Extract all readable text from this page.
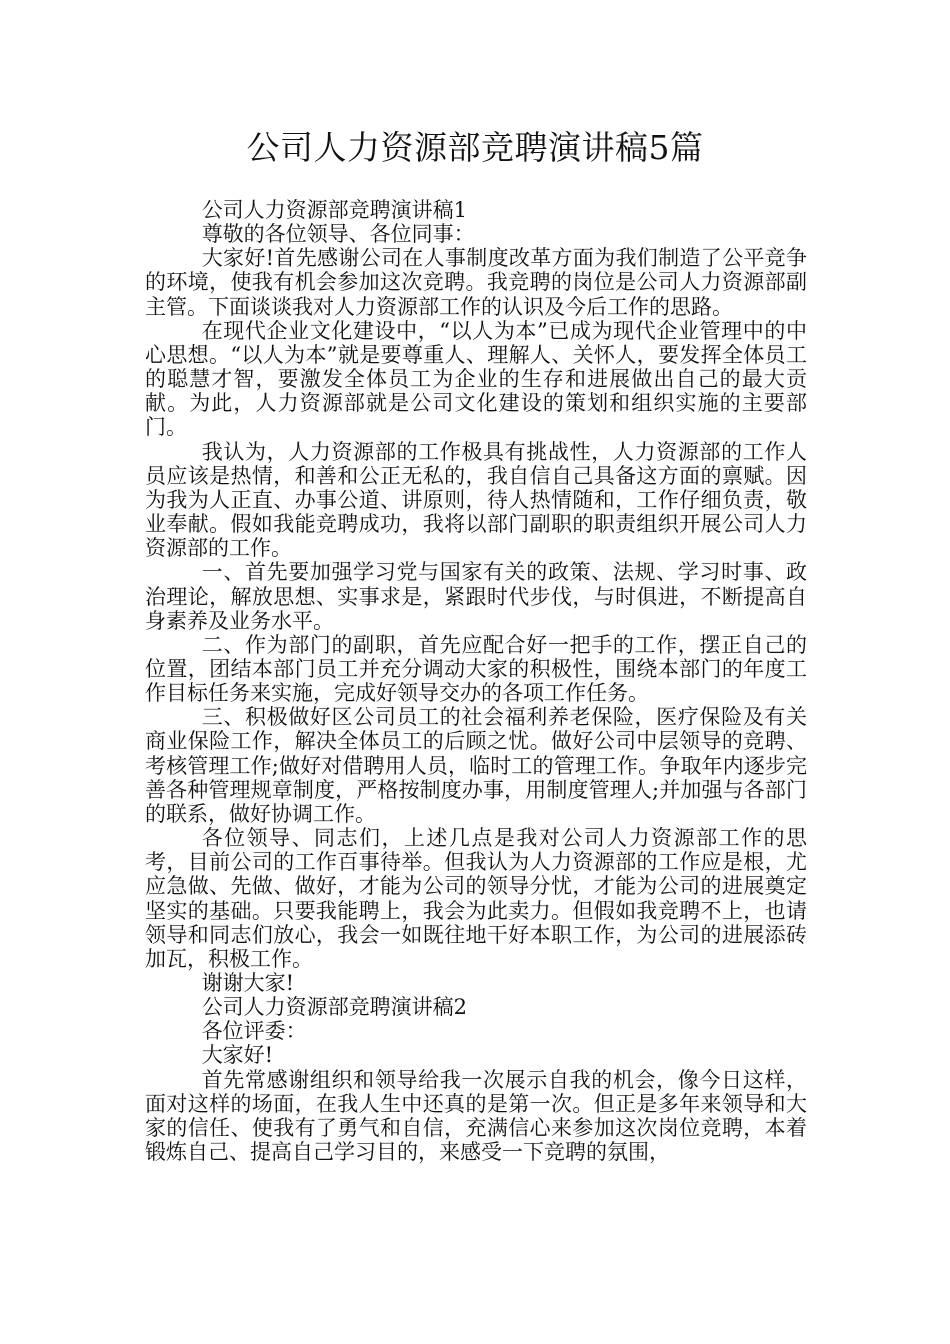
公司人力资源部竞聘演讲稿5篇

公司人力资源部竞聘演讲稿1

尊敬的各位领导、各位同事：

大家好!首先感谢公司在人事制度改革方面为我们制造了公平竞争的环境，使我有机会参加这次竞聘。我竞聘的岗位是公司人力资源部副主管。下面谈谈我对人力资源部工作的认识及今后工作的思路。

在现代企业文化建设中，“以人为本”已成为现代企业管理中的中心思想。“以人为本”就是要尊重人、理解人、关怀人，要发挥全体员工的聪慧才智，要激发全体员工为企业的生存和进展做出自己的最大贡献。为此，人力资源部就是公司文化建设的策划和组织实施的主要部门。

我认为，人力资源部的工作极具有挑战性，人力资源部的工作人员应该是热情，和善和公正无私的，我自信自己具备这方面的禀赋。因为我为人正直、办事公道、讲原则，待人热情随和，工作仔细负责，敬业奉献。假如我能竞聘成功，我将以部门副职的职责组织开展公司人力资源部的工作。

一、首先要加强学习党与国家有关的政策、法规、学习时事、政治理论，解放思想、实事求是，紧跟时代步伐，与时俱进，不断提高自身素养及业务水平。

二、作为部门的副职，首先应配合好一把手的工作，摆正自己的位置，团结本部门员工并充分调动大家的积极性，围绕本部门的年度工作目标任务来实施，完成好领导交办的各项工作任务。

三、积极做好区公司员工的社会福利养老保险，医疗保险及有关商业保险工作，解决全体员工的后顾之忧。做好公司中层领导的竞聘、考核管理工作;做好对借聘用人员，临时工的管理工作。争取年内逐步完善各种管理规章制度，严格按制度办事，用制度管理人;并加强与各部门的联系，做好协调工作。

各位领导、同志们，上述几点是我对公司人力资源部工作的思考，目前公司的工作百事待举。但我认为人力资源部的工作应是根，尤应急做、先做、做好，才能为公司的领导分忧，才能为公司的进展奠定坚实的基础。只要我能聘上，我会为此卖力。但假如我竞聘不上，也请领导和同志们放心，我会一如既往地干好本职工作，为公司的进展添砖加瓦，积极工作。

谢谢大家!

公司人力资源部竞聘演讲稿2

各位评委：

大家好!

首先常感谢组织和领导给我一次展示自我的机会，像今日这样，面对这样的场面，在我人生中还真的是第一次。但正是多年来领导和大家的信任、使我有了勇气和自信，充满信心来参加这次岗位竞聘，本着锻炼自己、提高自己学习目的，来感受一下竞聘的氛围，
